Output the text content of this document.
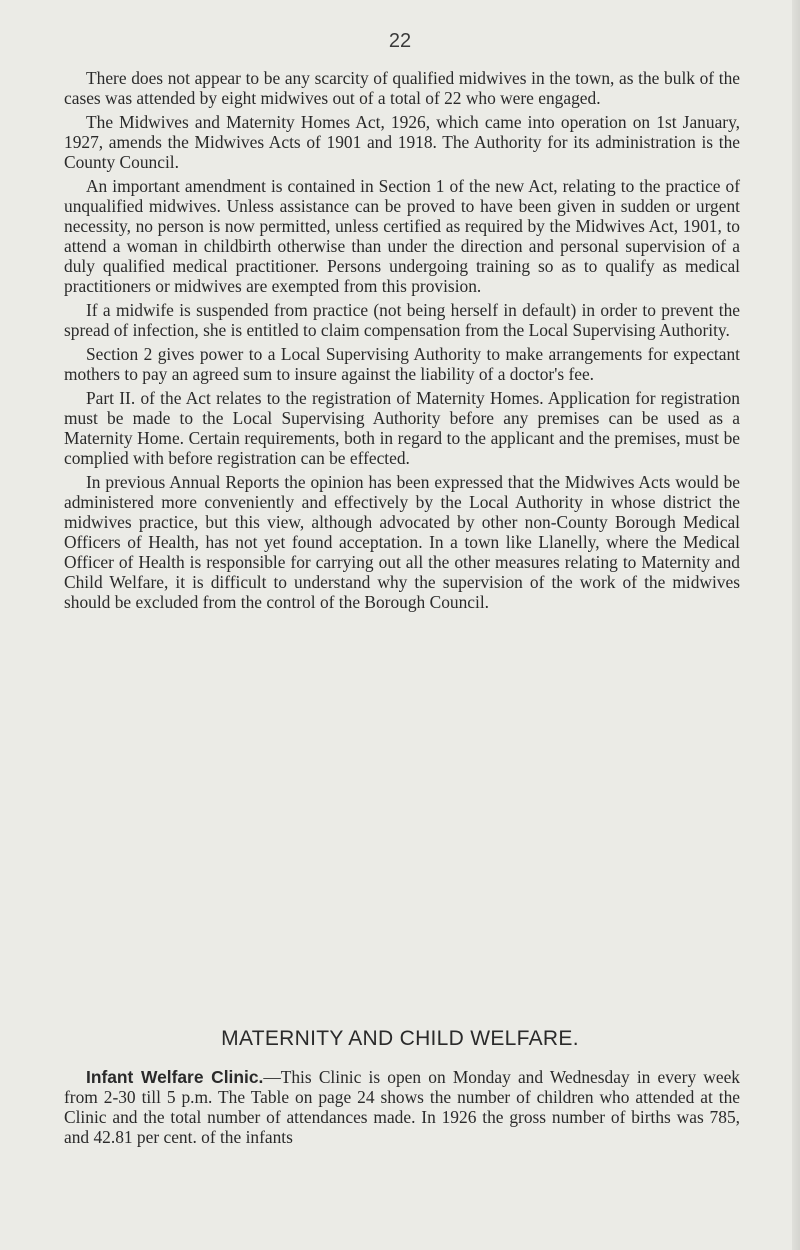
22

There does not appear to be any scarcity of qualified midwives in the town, as the bulk of the cases was attended by eight midwives out of a total of 22 who were engaged.

The Midwives and Maternity Homes Act, 1926, which came into operation on 1st January, 1927, amends the Midwives Acts of 1901 and 1918. The Authority for its administration is the County Council.

An important amendment is contained in Section 1 of the new Act, relating to the practice of unqualified midwives. Unless assistance can be proved to have been given in sudden or urgent necessity, no person is now permitted, unless certified as required by the Midwives Act, 1901, to attend a woman in childbirth otherwise than under the direction and personal supervision of a duly qualified medical practitioner. Persons undergoing training so as to qualify as medical practitioners or midwives are exempted from this provision.

If a midwife is suspended from practice (not being herself in default) in order to prevent the spread of infection, she is entitled to claim compensation from the Local Supervising Authority.

Section 2 gives power to a Local Supervising Authority to make arrangements for expectant mothers to pay an agreed sum to insure against the liability of a doctor's fee.

Part II. of the Act relates to the registration of Maternity Homes. Application for registration must be made to the Local Supervising Authority before any premises can be used as a Maternity Home. Certain requirements, both in regard to the applicant and the premises, must be complied with before registration can be effected.

In previous Annual Reports the opinion has been expressed that the Midwives Acts would be administered more conveniently and effectively by the Local Authority in whose district the midwives practice, but this view, although advocated by other non-County Borough Medical Officers of Health, has not yet found acceptation. In a town like Llanelly, where the Medical Officer of Health is responsible for carrying out all the other measures relating to Maternity and Child Welfare, it is difficult to understand why the supervision of the work of the midwives should be excluded from the control of the Borough Council.

MATERNITY AND CHILD WELFARE.

Infant Welfare Clinic.—This Clinic is open on Monday and Wednesday in every week from 2-30 till 5 p.m. The Table on page 24 shows the number of children who attended at the Clinic and the total number of attendances made. In 1926 the gross number of births was 785, and 42.81 per cent. of the infants
